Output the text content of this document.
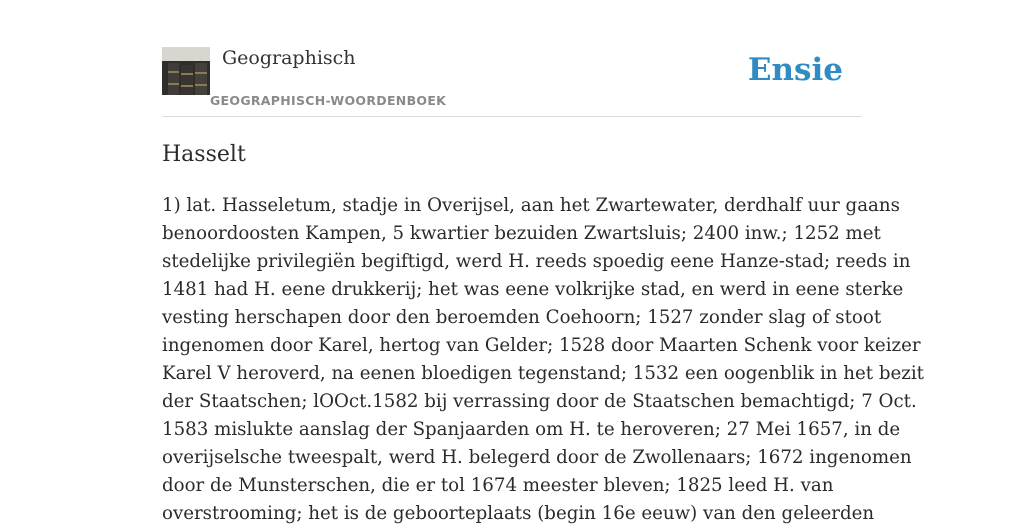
Geographisch
GEOGRAPHISCH-WOORDENBOEK
Ensie
Hasselt
1) lat. Hasseletum, stadje in Overijsel, aan het Zwartewater, derdhalf uur gaans
benoordoosten Kampen, 5 kwartier bezuiden Zwartsluis; 2400 inw.; 1252 met
stedelijke privilegiën begiftigd, werd H. reeds spoedig eene Hanze-stad; reeds in
1481 had H. eene drukkerij; het was eene volkrijke stad, en werd in eene sterke
vesting herschapen door den beroemden Coehoorn; 1527 zonder slag of stoot
ingenomen door Karel, hertog van Gelder; 1528 door Maarten Schenk voor keizer
Karel V heroverd, na eenen bloedigen tegenstand; 1532 een oogenblik in het bezit
der Staatschen; lOOct.1582 bij verrassing door de Staatschen bemachtigd; 7 Oct.
1583 mislukte aanslag der Spanjaarden om H. te heroveren; 27 Mei 1657, in de
overijselsche tweespalt, werd H. belegerd door de Zwollenaars; 1672 ingenomen
door de Munsterschen, die er tol 1674 meester bleven; 1825 leed H. van
overstrooming; het is de geboorteplaats (begin 16e eeuw) van den geleerden
